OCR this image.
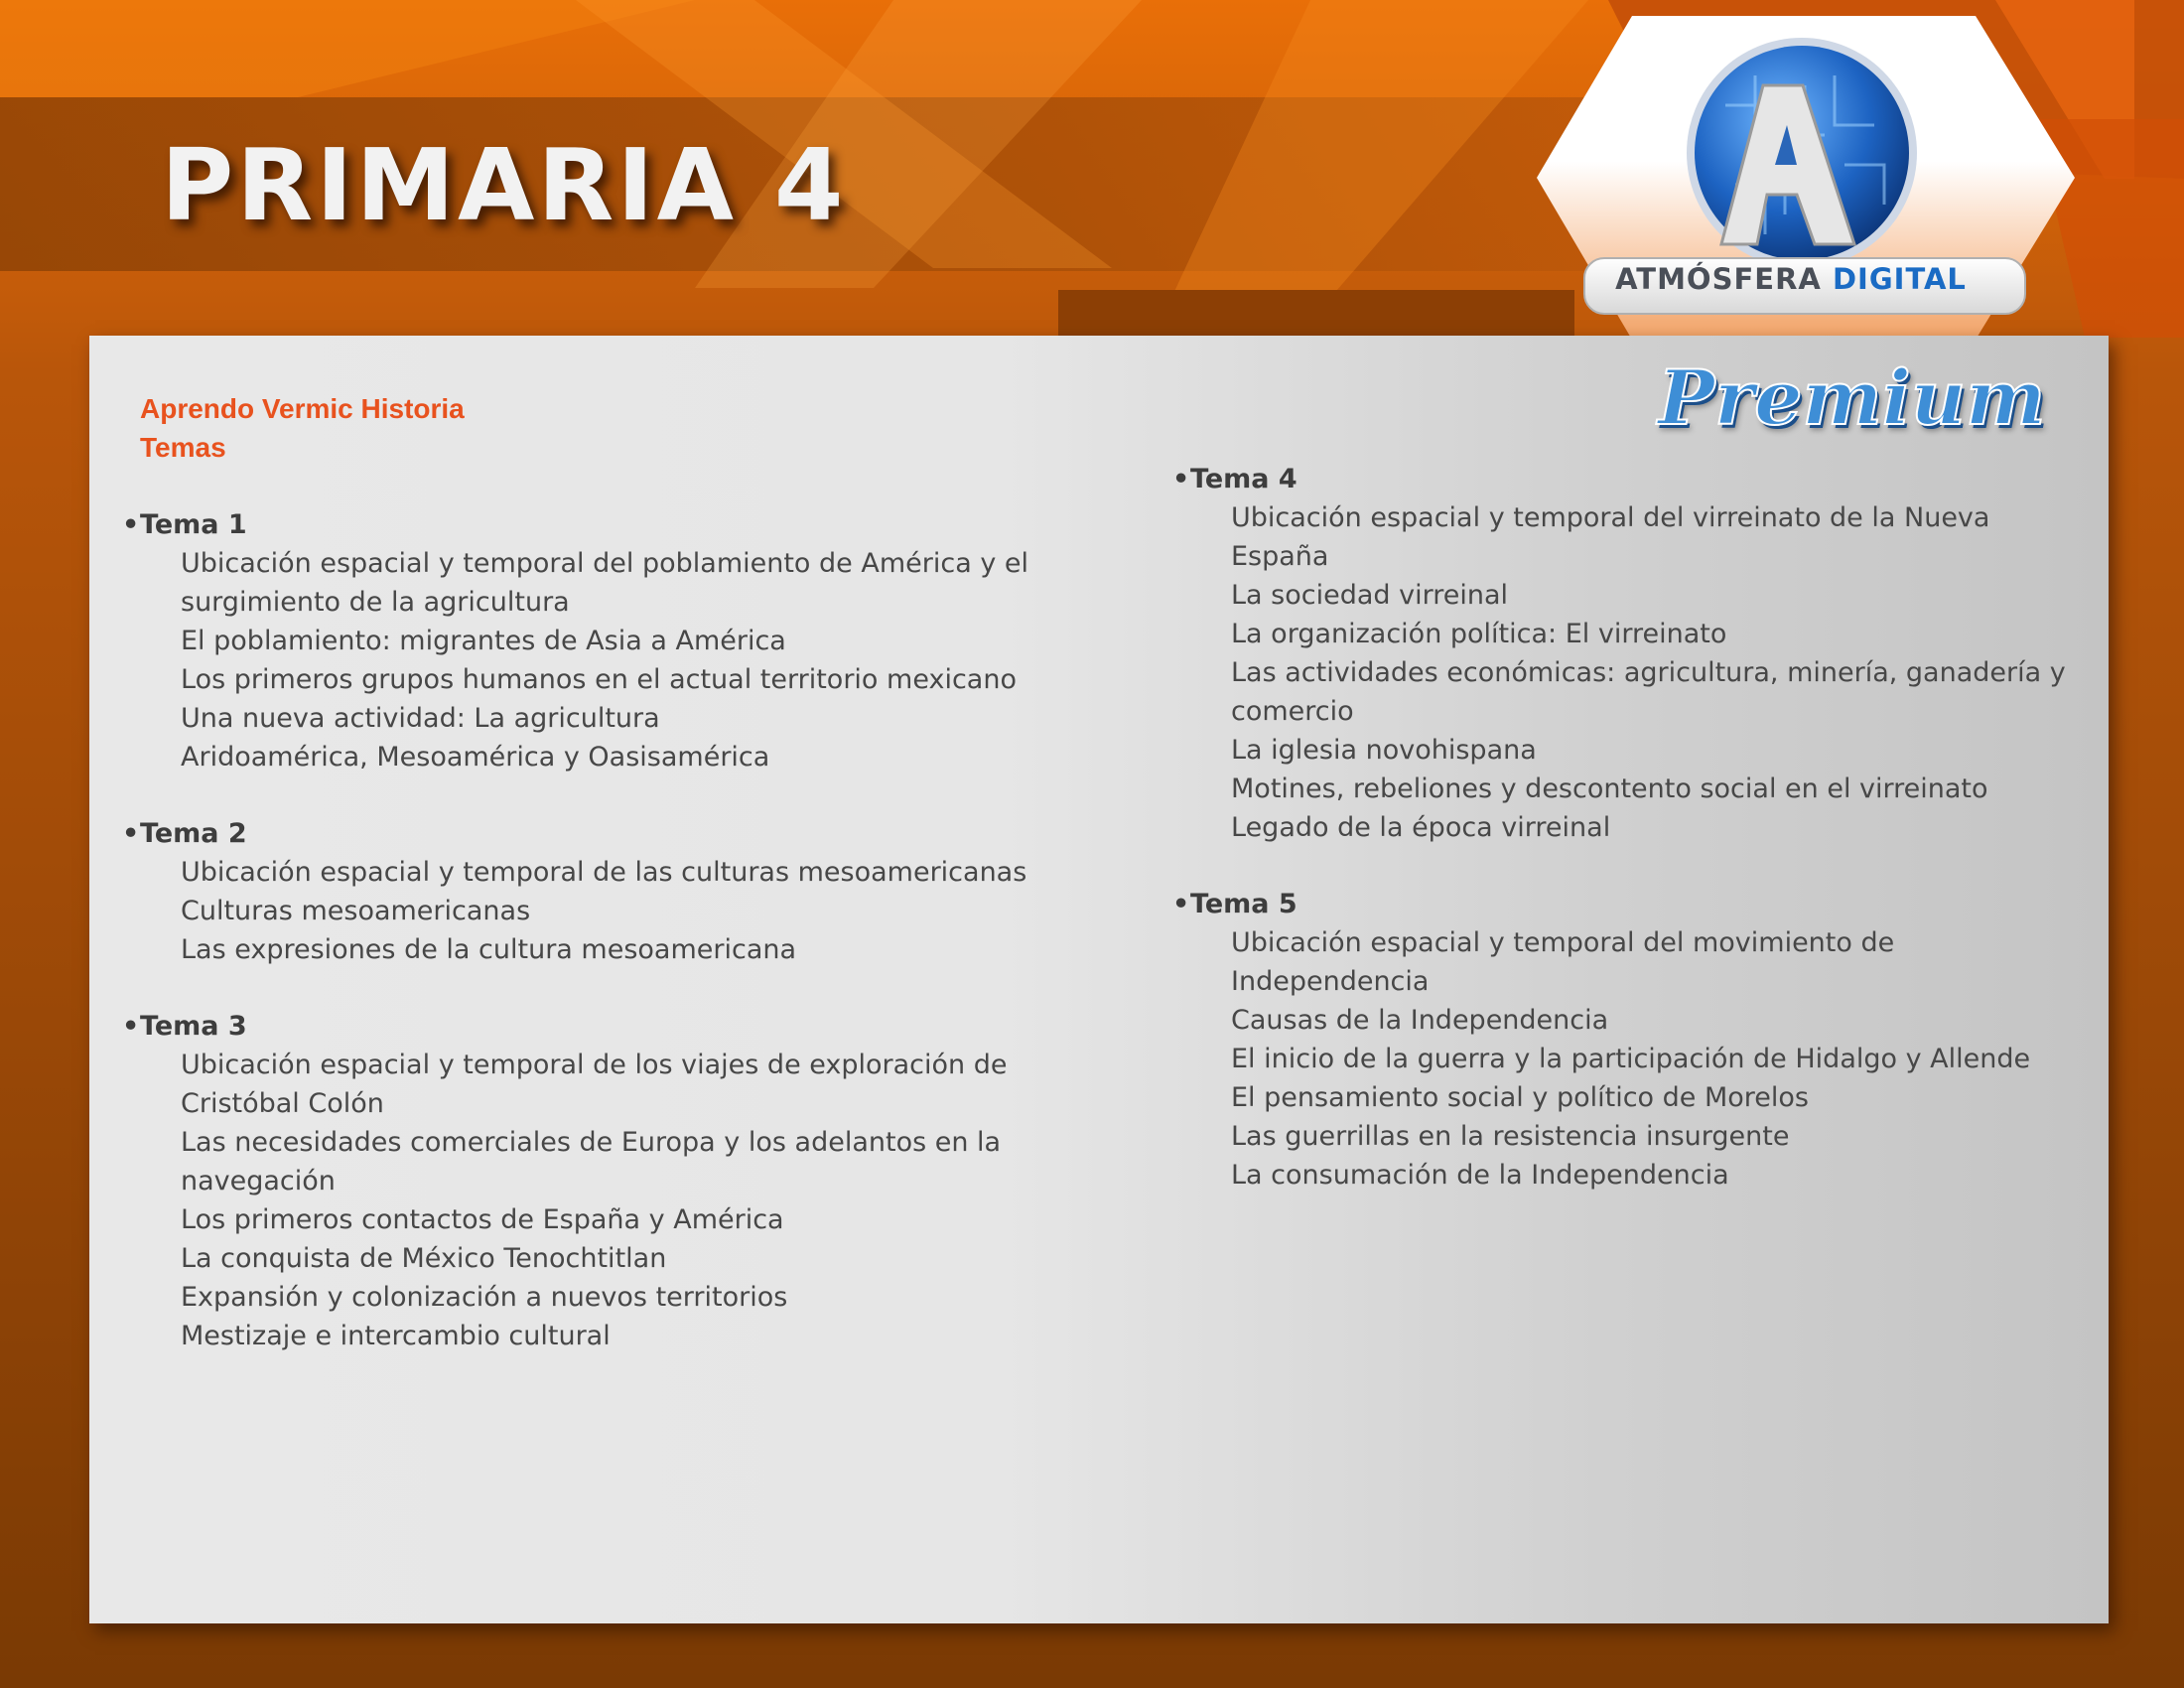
PRIMARIA 4
ATMÓSFERA DIGITAL
Premium
Aprendo Vermic Historia
Temas
•Tema 1
Ubicación espacial y temporal del poblamiento de América y el surgimiento de la agricultura
El poblamiento: migrantes de Asia a América
Los primeros grupos humanos en el actual territorio mexicano
Una nueva actividad: La agricultura
Aridoamérica, Mesoamérica y Oasisamérica
•Tema 2
Ubicación espacial y temporal de las culturas mesoamericanas
Culturas mesoamericanas
Las expresiones de la cultura mesoamericana
•Tema 3
Ubicación espacial y temporal de los viajes de exploración de Cristóbal Colón
Las necesidades comerciales de Europa y los adelantos en la navegación
Los primeros contactos de España y América
La conquista de México Tenochtitlan
Expansión y colonización a nuevos territorios
Mestizaje e intercambio cultural
•Tema 4
Ubicación espacial y temporal del virreinato de la Nueva España
La sociedad virreinal
La organización política: El virreinato
Las actividades económicas: agricultura, minería, ganadería y comercio
La iglesia novohispana
Motines, rebeliones y descontento social en el virreinato
Legado de la época virreinal
•Tema 5
Ubicación espacial y temporal del movimiento de Independencia
Causas de la Independencia
El inicio de la guerra y la participación de Hidalgo y Allende
El pensamiento social y político de Morelos
Las guerrillas en la resistencia insurgente
La consumación de la Independencia
